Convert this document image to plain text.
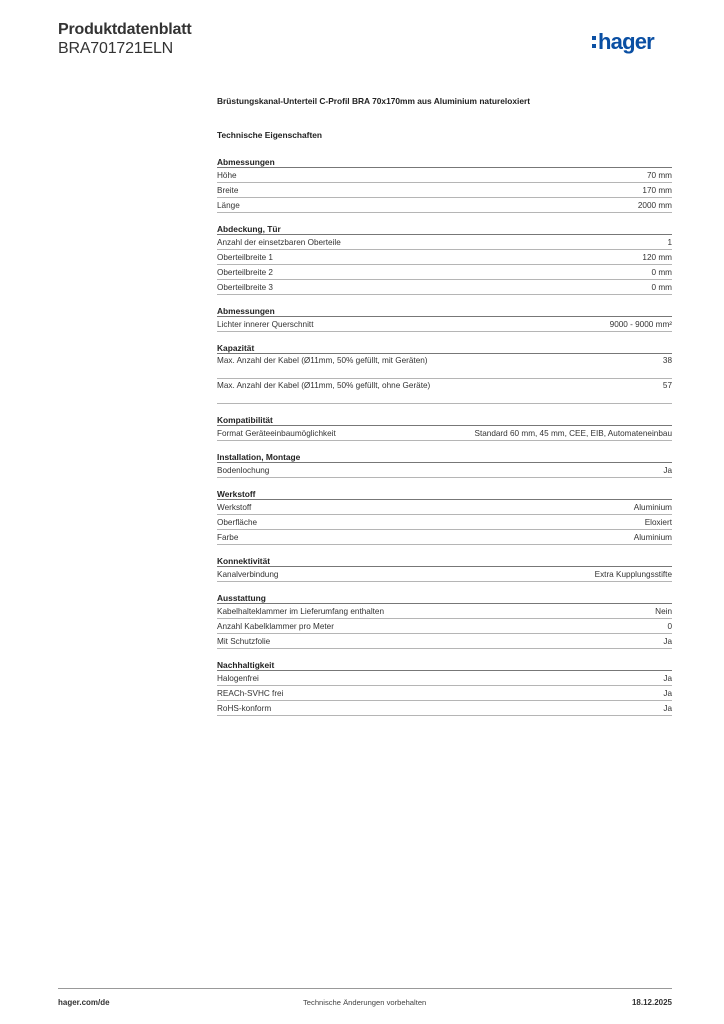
Produktdatenblatt
BRA701721ELN	hager
Brüstungskanal-Unterteil C-Profil BRA 70x170mm aus Aluminium natureloxiert
Technische Eigenschaften
Abmessungen
Höhe	70 mm
Breite	170 mm
Länge	2000 mm
Abdeckung, Tür
Anzahl der einsetzbaren Oberteile	1
Oberteilbreite 1	120 mm
Oberteilbreite 2	0 mm
Oberteilbreite 3	0 mm
Abmessungen
Lichter innerer Querschnitt	9000 - 9000 mm²
Kapazität
Max. Anzahl der Kabel (Ø11mm, 50% gefüllt, mit Geräten)	38
Max. Anzahl der Kabel (Ø11mm, 50% gefüllt, ohne Geräte)	57
Kompatibilität
Format Geräteeinbaumöglichkeit	Standard 60 mm, 45 mm, CEE, EIB, Automateneinbau
Installation, Montage
Bodenlochung	Ja
Werkstoff
Werkstoff	Aluminium
Oberfläche	Eloxiert
Farbe	Aluminium
Konnektivität
Kanalverbindung	Extra Kupplungsstifte
Ausstattung
Kabelhalteklammer im Lieferumfang enthalten	Nein
Anzahl Kabelklammer pro Meter	0
Mit Schutzfolie	Ja
Nachhaltigkeit
Halogenfrei	Ja
REACh-SVHC frei	Ja
RoHS-konform	Ja
hager.com/de	Technische Änderungen vorbehalten	18.12.2025
